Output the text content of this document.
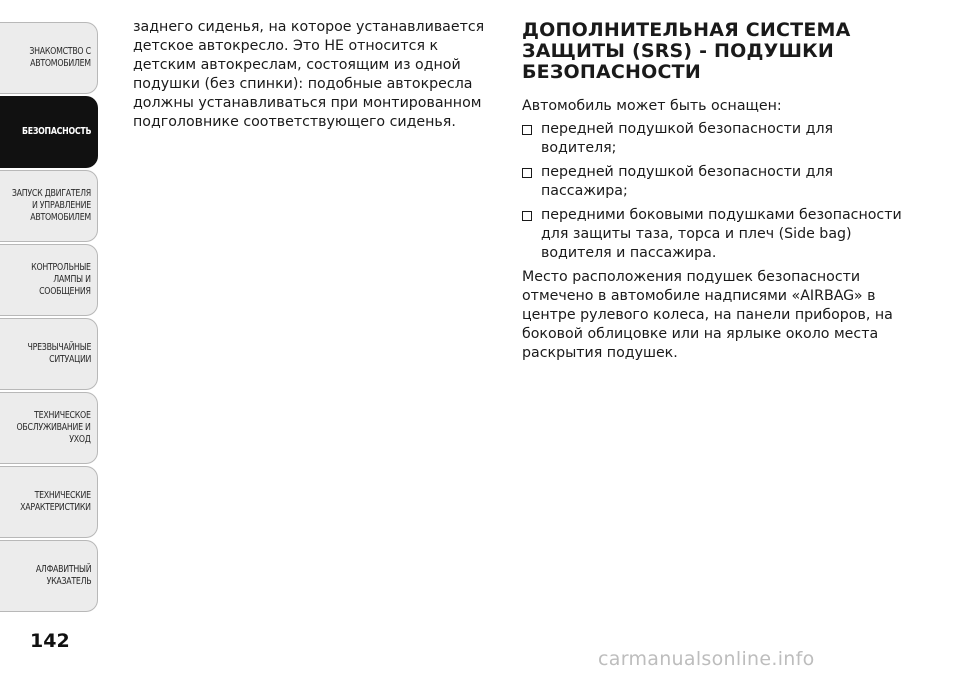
ЗНАКОМСТВО С
АВТОМОБИЛЕМ
БЕЗОПАСНОСТЬ
ЗАПУСК ДВИГАТЕЛЯ
И УПРАВЛЕНИЕ
АВТОМОБИЛЕМ
КОНТРОЛЬНЫЕ
ЛАМПЫ И
СООБЩЕНИЯ
ЧРЕЗВЫЧАЙНЫЕ
СИТУАЦИИ
ТЕХНИЧЕСКОЕ
ОБСЛУЖИВАНИЕ И
УХОД
ТЕХНИЧЕСКИЕ
ХАРАКТЕРИСТИКИ
АЛФАВИТНЫЙ
УКАЗАТЕЛЬ
142

заднего сиденья, на которое устанавливается детское автокресло. Это НЕ относится к детским автокреслам, состоящим из одной подушки (без спинки): подобные автокресла должны устанавливаться при монтированном подголовнике соответствующего сиденья.

ДОПОЛНИТЕЛЬНАЯ СИСТЕМА
ЗАЩИТЫ (SRS) - ПОДУШКИ
БЕЗОПАСНОСТИ

Автомобиль может быть оснащен:

передней подушкой безопасности для водителя;
передней подушкой безопасности для пассажира;
передними боковыми подушками безопасности для защиты таза, торса и плеч (Side bag) водителя и пассажира.

Место расположения подушек безопасности отмечено в автомобиле надписями «AIRBAG» в центре рулевого колеса, на панели приборов, на боковой облицовке или на ярлыке около места раскрытия подушек.

carmanualsonline.info
